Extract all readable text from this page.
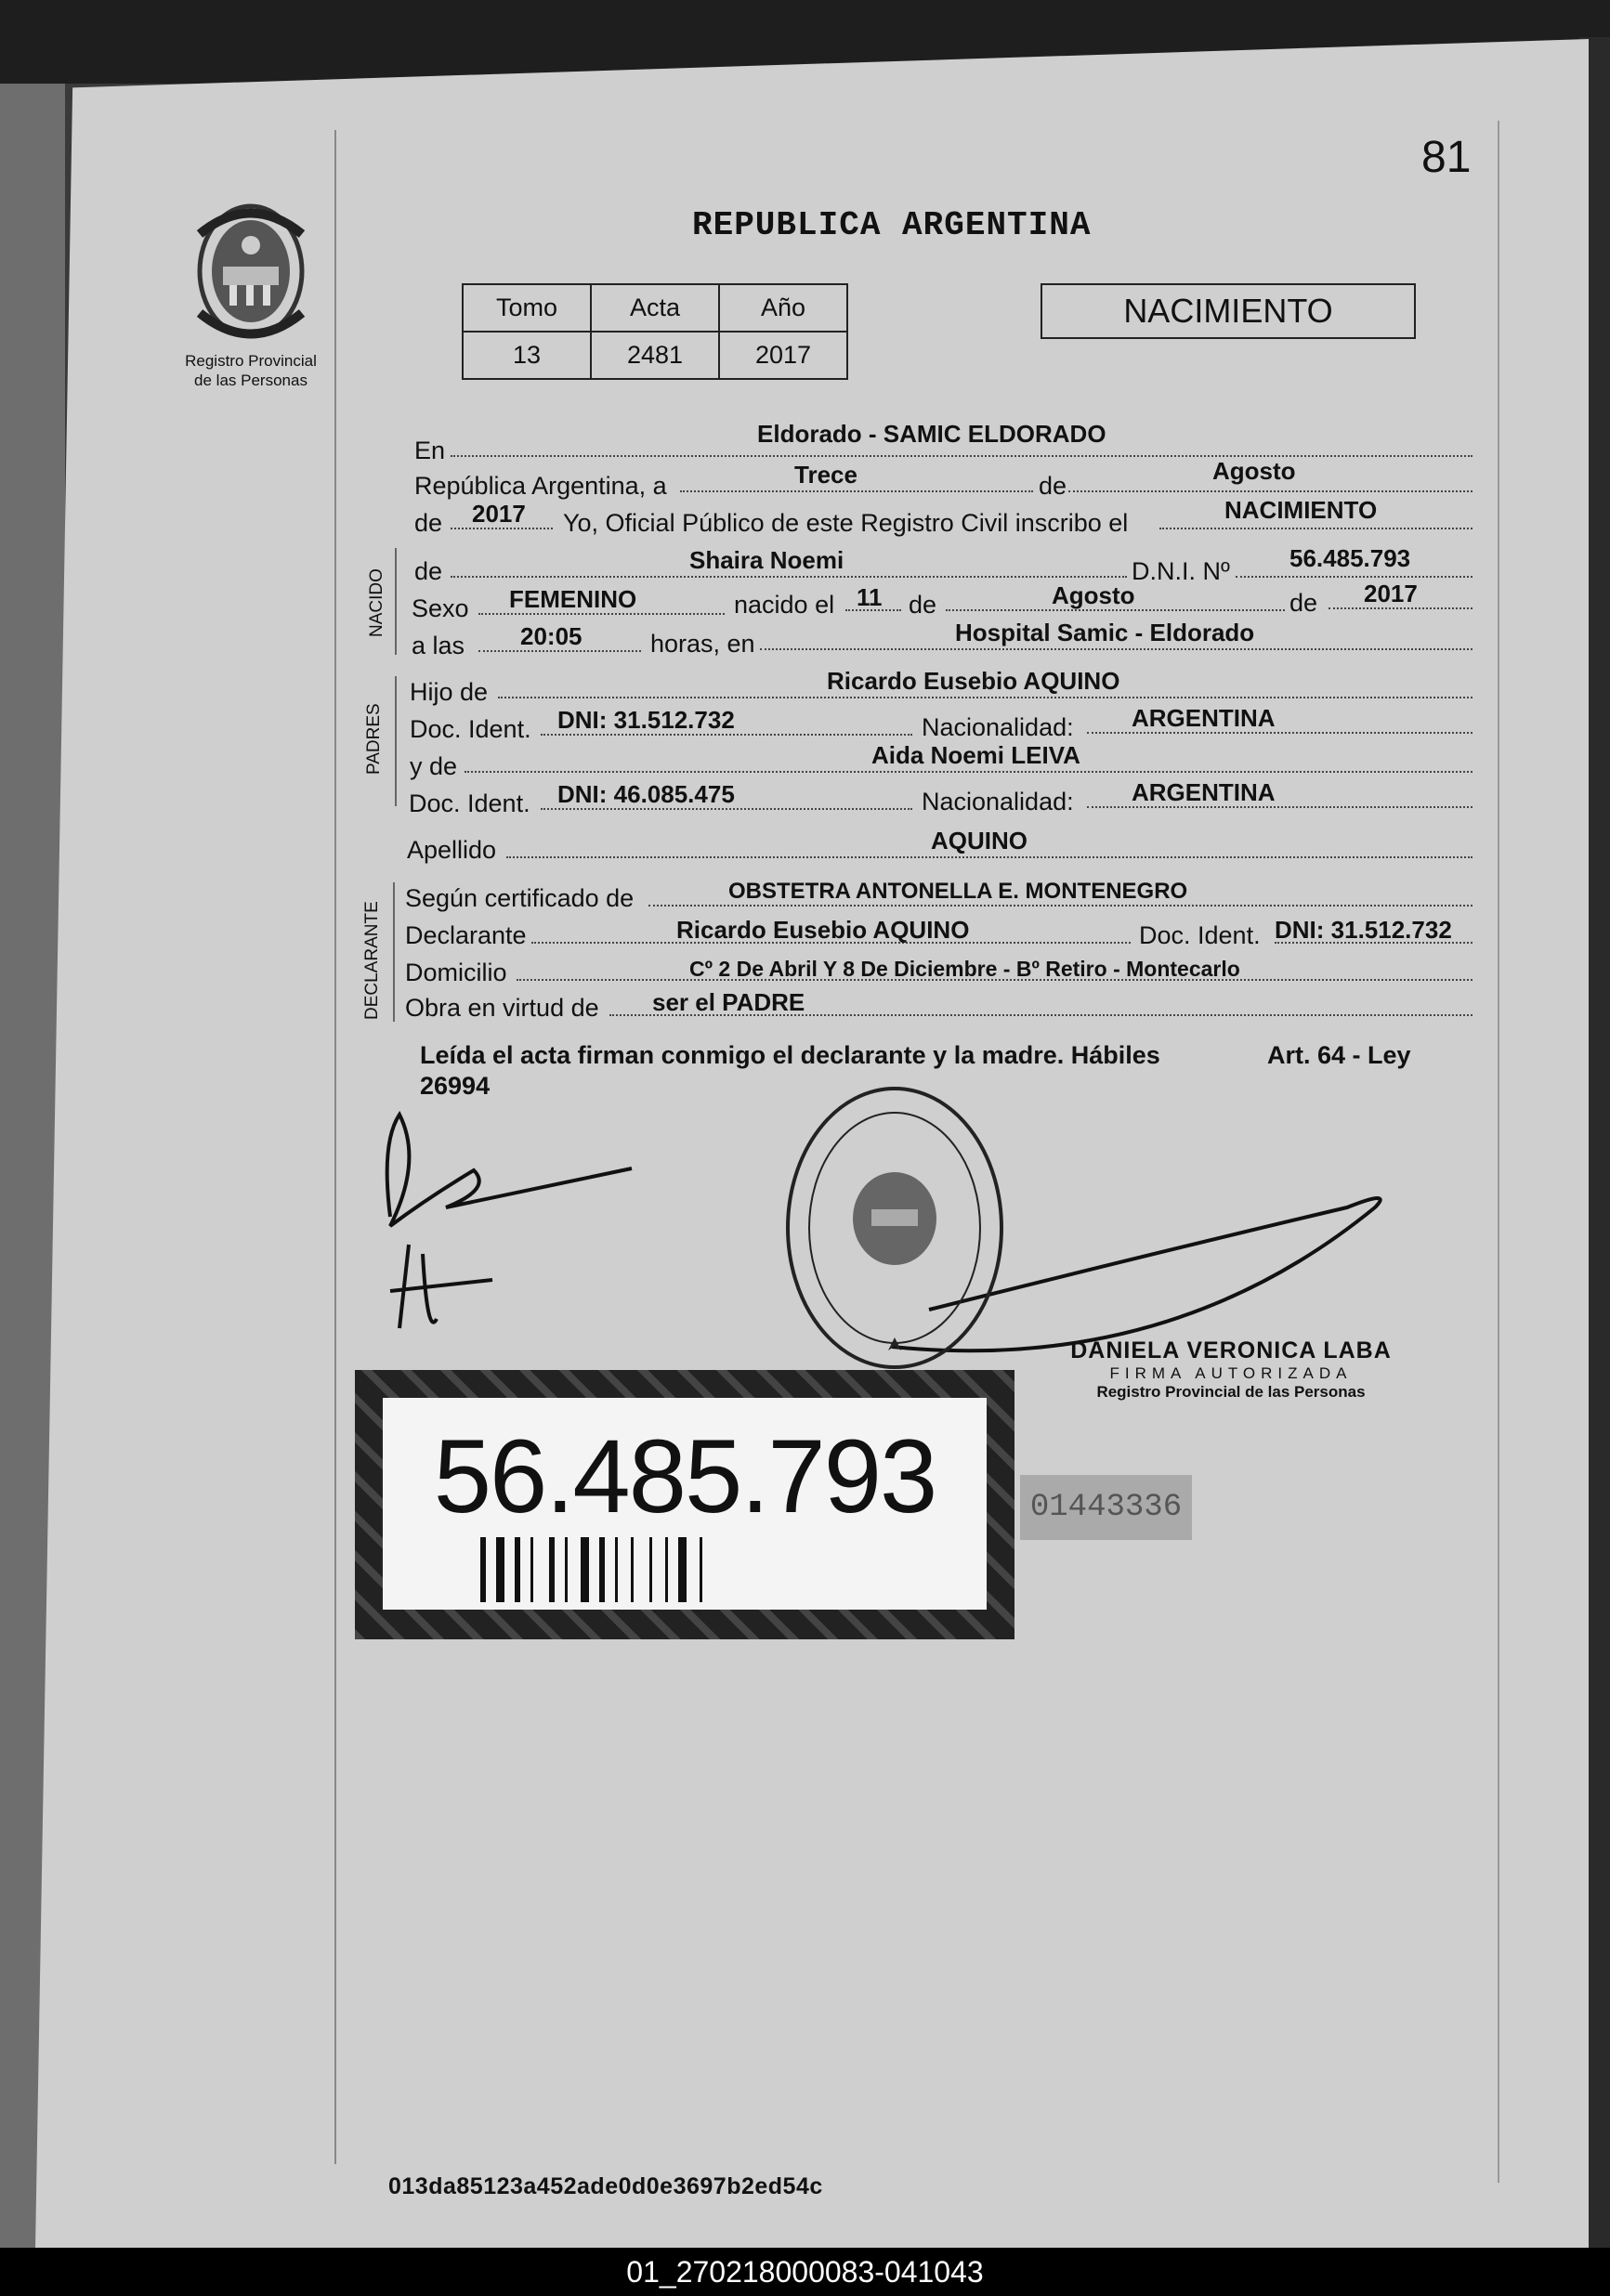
81
Registro Provincial
de las Personas
REPUBLICA ARGENTINA
Tomo	Acta	Año
13	2481	2017
NACIMIENTO
En
Eldorado - SAMIC ELDORADO
República Argentina, a	Trece	de
Agosto
de 2017 Yo, Oficial Público de este Registro Civil inscribo el	NACIMIENTO
NACIDO de	Shaira Noemi	D.N.I. Nº 56.485.793
Sexo FEMENINO	nacido el 11 de	Agosto	de 2017
a las 20:05	horas, en	Hospital Samic - Eldorado
PADRES
Hijo de	Ricardo Eusebio AQUINO
Doc. Ident. DNI: 31.512.732	Nacionalidad: ARGENTINA
y de	Aida Noemi LEIVA
Doc. Ident. DNI: 46.085.475	Nacionalidad: ARGENTINA
Apellido	AQUINO
DECLARANTE
Según certificado de	OBSTETRA ANTONELLA E. MONTENEGRO
Declarante	Ricardo Eusebio AQUINO	Doc. Ident. DNI: 31.512.732
Domicilio	Cº 2 De Abril Y 8 De Diciembre - Bº Retiro - Montecarlo
Obra en virtud de ser el PADRE
Leída el acta firman conmigo el declarante y la madre. Hábiles	Art. 64 - Ley
26994
DANIELA VERONICA LABA
FIRMA AUTORIZADA
Registro Provincial de las Personas
56.485.793	01443336
013da85123a452ade0d0e3697b2ed54c
01_270218000083-041043
